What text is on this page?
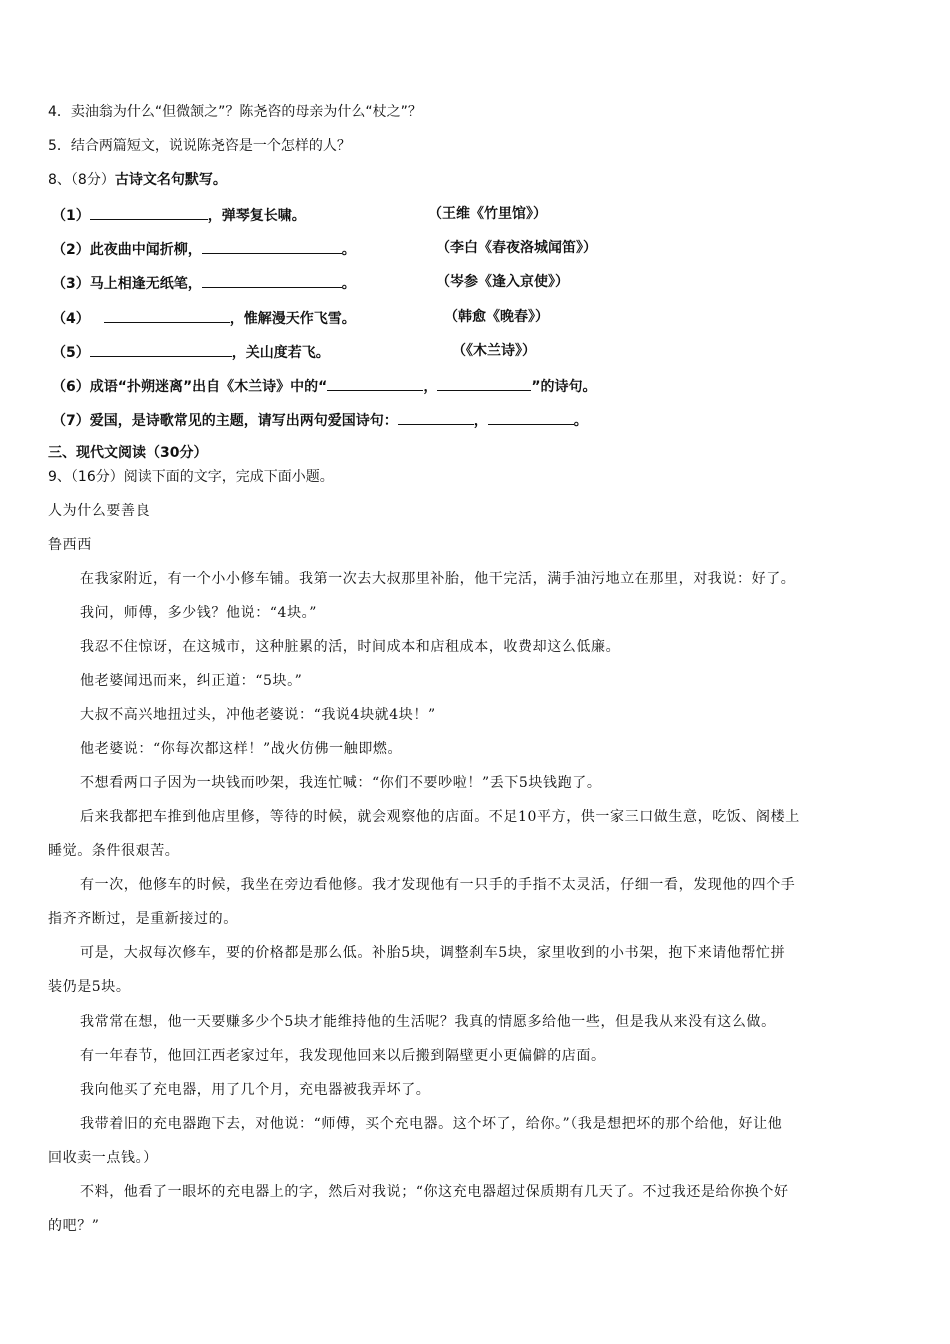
4．卖油翁为什么“但微颔之”？陈尧咨的母亲为什么“杖之”？
5．结合两篇短文，说说陈尧咨是一个怎样的人？
8、（8分）古诗文名句默写。
（1）	，弹琴复长啸。	（王维《竹里馆》）
（2）此夜曲中闻折柳，	。	（李白《春夜洛城闻笛》）
（3）马上相逢无纸笔，	。	（岑参《逢入京使》）
（4）	，惟解漫天作飞雪。	（韩愈《晚春》）
（5）	，关山度若飞。	（《木兰诗》）
（6）成语“扑朔迷离”出自《木兰诗》中的“	，	”的诗句。
（7）爱国，是诗歌常见的主题，请写出两句爱国诗句：	，	。
三、现代文阅读（30分）
9、（16分）阅读下面的文字，完成下面小题。
人为什么要善良
鲁西西
在我家附近，有一个小小修车铺。我第一次去大叔那里补胎，他干完活，满手油污地立在那里，对我说：好了。
我问，师傅，多少钱？他说：“4块。”
我忍不住惊讶，在这城市，这种脏累的活，时间成本和店租成本，收费却这么低廉。
他老婆闻迅而来，纠正道：“5块。”
大叔不高兴地扭过头，冲他老婆说：“我说4块就4块！”
他老婆说：“你每次都这样！”战火仿佛一触即燃。
不想看两口子因为一块钱而吵架，我连忙喊：“你们不要吵啦！”丢下5块钱跑了。
后来我都把车推到他店里修，等待的时候，就会观察他的店面。不足10平方，供一家三口做生意，吃饭、阁楼上
睡觉。条件很艰苦。
有一次，他修车的时候，我坐在旁边看他修。我才发现他有一只手的手指不太灵活，仔细一看，发现他的四个手
指齐齐断过，是重新接过的。
可是，大叔每次修车，要的价格都是那么低。补胎5块，调整刹车5块，家里收到的小书架，抱下来请他帮忙拼
装仍是5块。
我常常在想，他一天要赚多少个5块才能维持他的生活呢？我真的情愿多给他一些，但是我从来没有这么做。
有一年春节，他回江西老家过年，我发现他回来以后搬到隔壁更小更偏僻的店面。
我向他买了充电器，用了几个月，充电器被我弄坏了。
我带着旧的充电器跑下去，对他说：“师傅，买个充电器。这个坏了，给你。”（我是想把坏的那个给他，好让他
回收卖一点钱。）
不料，他看了一眼坏的充电器上的字，然后对我说；“你这充电器超过保质期有几天了。不过我还是给你换个好
的吧？”
